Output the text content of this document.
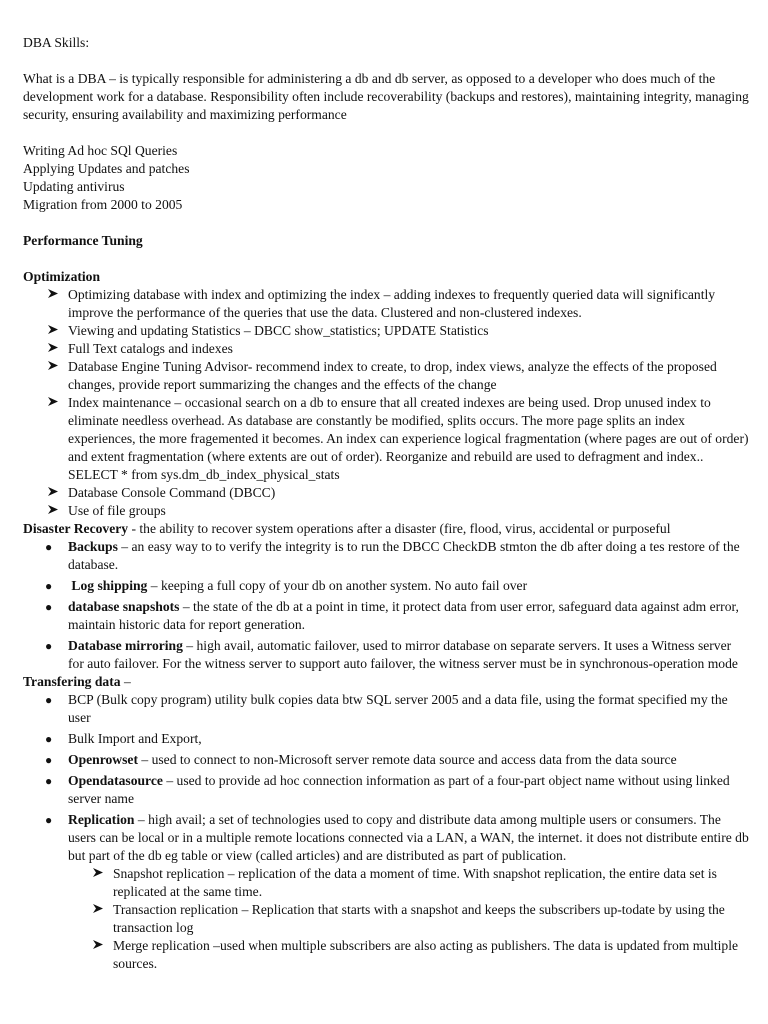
DBA Skills:
What is a DBA – is typically responsible for administering a db and db server, as opposed to a developer who does much of the development work for a database. Responsibility often include recoverability (backups and restores), maintaining integrity, managing security, ensuring availability and maximizing performance
Writing Ad hoc SQl Queries
Applying Updates and patches
Updating antivirus
Migration from 2000 to 2005
Performance Tuning
Optimization
Optimizing database with index and optimizing the index – adding indexes to frequently queried data will significantly improve the performance of the queries that use the data. Clustered and non-clustered indexes.
Viewing and updating Statistics – DBCC show_statistics; UPDATE Statistics
Full Text catalogs and indexes
Database Engine Tuning Advisor- recommend index to create, to drop, index views, analyze the effects of the proposed changes, provide report summarizing the changes and the effects of the change
Index maintenance – occasional search on a db to ensure that all created indexes are being used. Drop unused index to eliminate needless overhead. As database are constantly be modified, splits occurs. The more page splits an index experiences, the more fragemented it becomes. An index can experience logical fragmentation (where pages are out of order) and extent fragmentation (where extents are out of order). Reorganize and rebuild are used to defragment and index.. SELECT * from sys.dm_db_index_physical_stats
Database Console Command (DBCC)
Use of file groups
Disaster Recovery - the ability to recover system operations after a disaster (fire, flood, virus, accidental or purposeful
● Backups – an easy way to to verify the integrity is to run the DBCC CheckDB stmton the db after doing a tes restore of the database.
● Log shipping – keeping a full copy of your db on another system. No auto fail over
● database snapshots – the state of the db at a point in time, it protect data from user error, safeguard data against adm error, maintain historic data for report generation.
● Database mirroring – high avail, automatic failover, used to mirror database on separate servers. It uses a Witness server for auto failover. For the witness server to support auto failover, the witness server must be in synchronous-operation mode
Transfering data –
● BCP (Bulk copy program) utility bulk copies data btw SQL server 2005 and a data file, using the format specified my the user
● Bulk Import and Export,
● Openrowset – used to connect to non-Microsoft server remote data source and access data from the data source
● Opendatasource – used to provide ad hoc connection information as part of a four-part object name without using linked server name
● Replication – high avail; a set of technologies used to copy and distribute data among multiple users or consumers. The users can be local or in a multiple remote locations connected via a LAN, a WAN, the internet. it does not distribute entire db but part of the db eg table or view (called articles) and are distributed as part of publication.
Snapshot replication – replication of the data a moment of time. With snapshot replication, the entire data set is replicated at the same time.
Transaction replication – Replication that starts with a snapshot and keeps the subscribers up-todate by using the transaction log
Merge replication –used when multiple subscribers are also acting as publishers. The data is updated from multiple sources.
